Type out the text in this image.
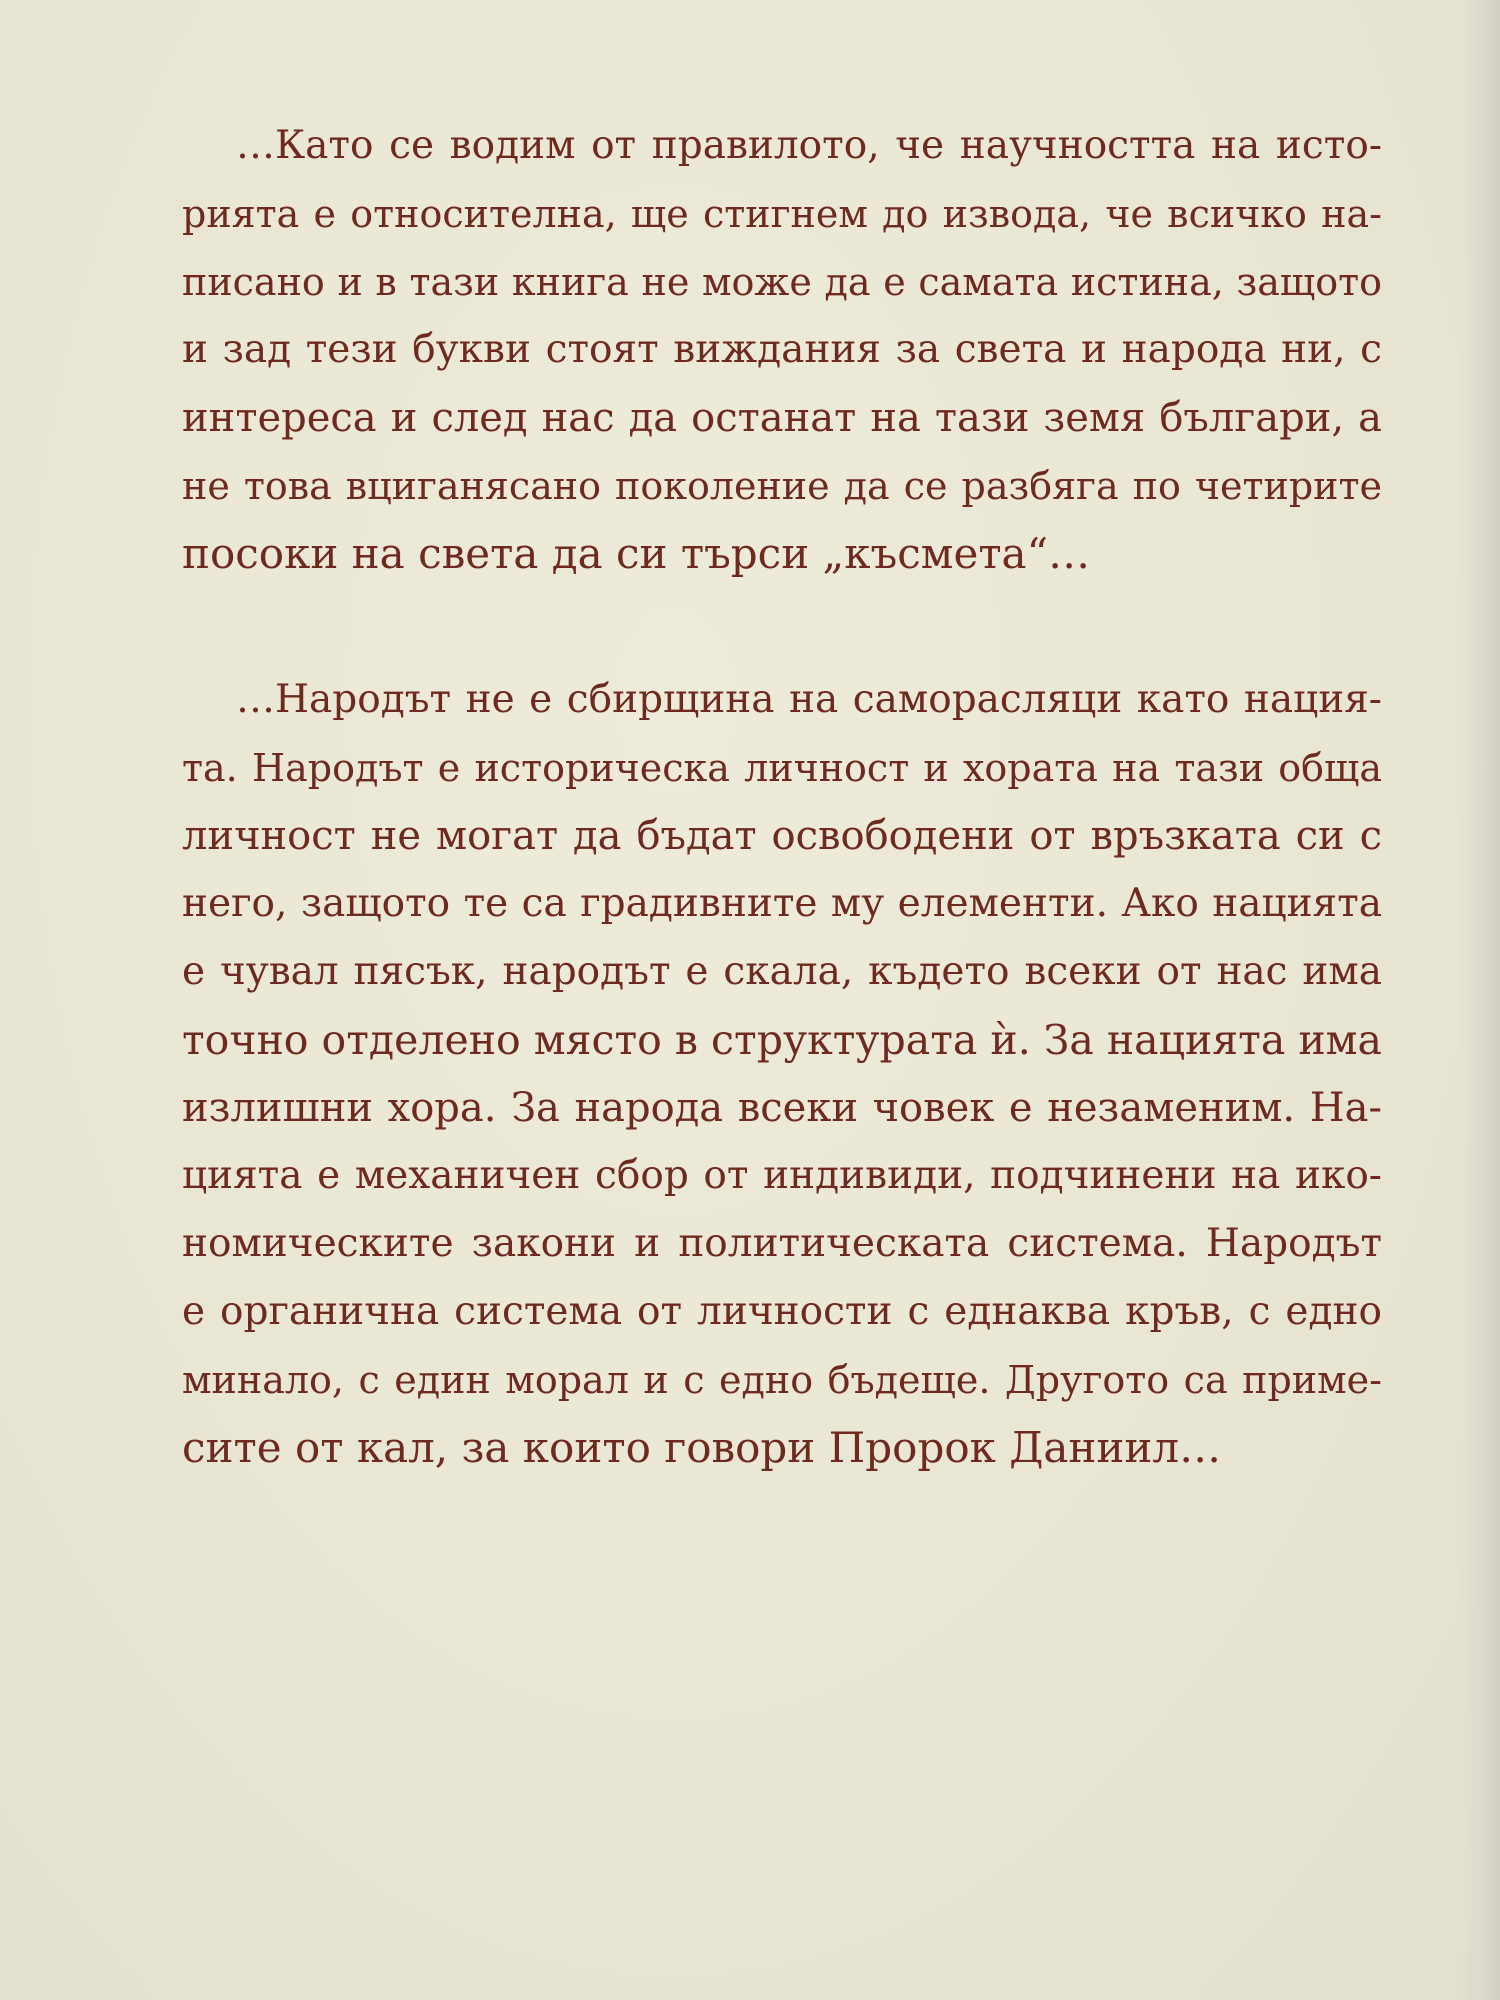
…Като се водим от правилото, че научността на исто-
рията е относителна, ще стигнем до извода, че всичко на-
писано и в тази книга не може да е самата истина, защото
и зад тези букви стоят виждания за света и народа ни, с
интереса и след нас да останат на тази земя българи, а
не това вциганясано поколение да се разбяга по четирите
посоки на света да си търси „късмета“…
…Народът не е сбирщина на саморасляци като нация-
та. Народът е историческа личност и хората на тази обща
личност не могат да бъдат освободени от връзката си с
него, защото те са градивните му елементи. Ако нацията
е чувал пясък, народът е скала, където всеки от нас има
точно отделено място в структурата ѝ. За нацията има
излишни хора. За народа всеки човек е незаменим. На-
цията е механичен сбор от индивиди, подчинени на ико-
номическите закони и политическата система. Народът
е органична система от личности с еднаква кръв, с едно
минало, с един морал и с едно бъдеще. Другото са приме-
сите от кал, за които говори Пророк Даниил…
